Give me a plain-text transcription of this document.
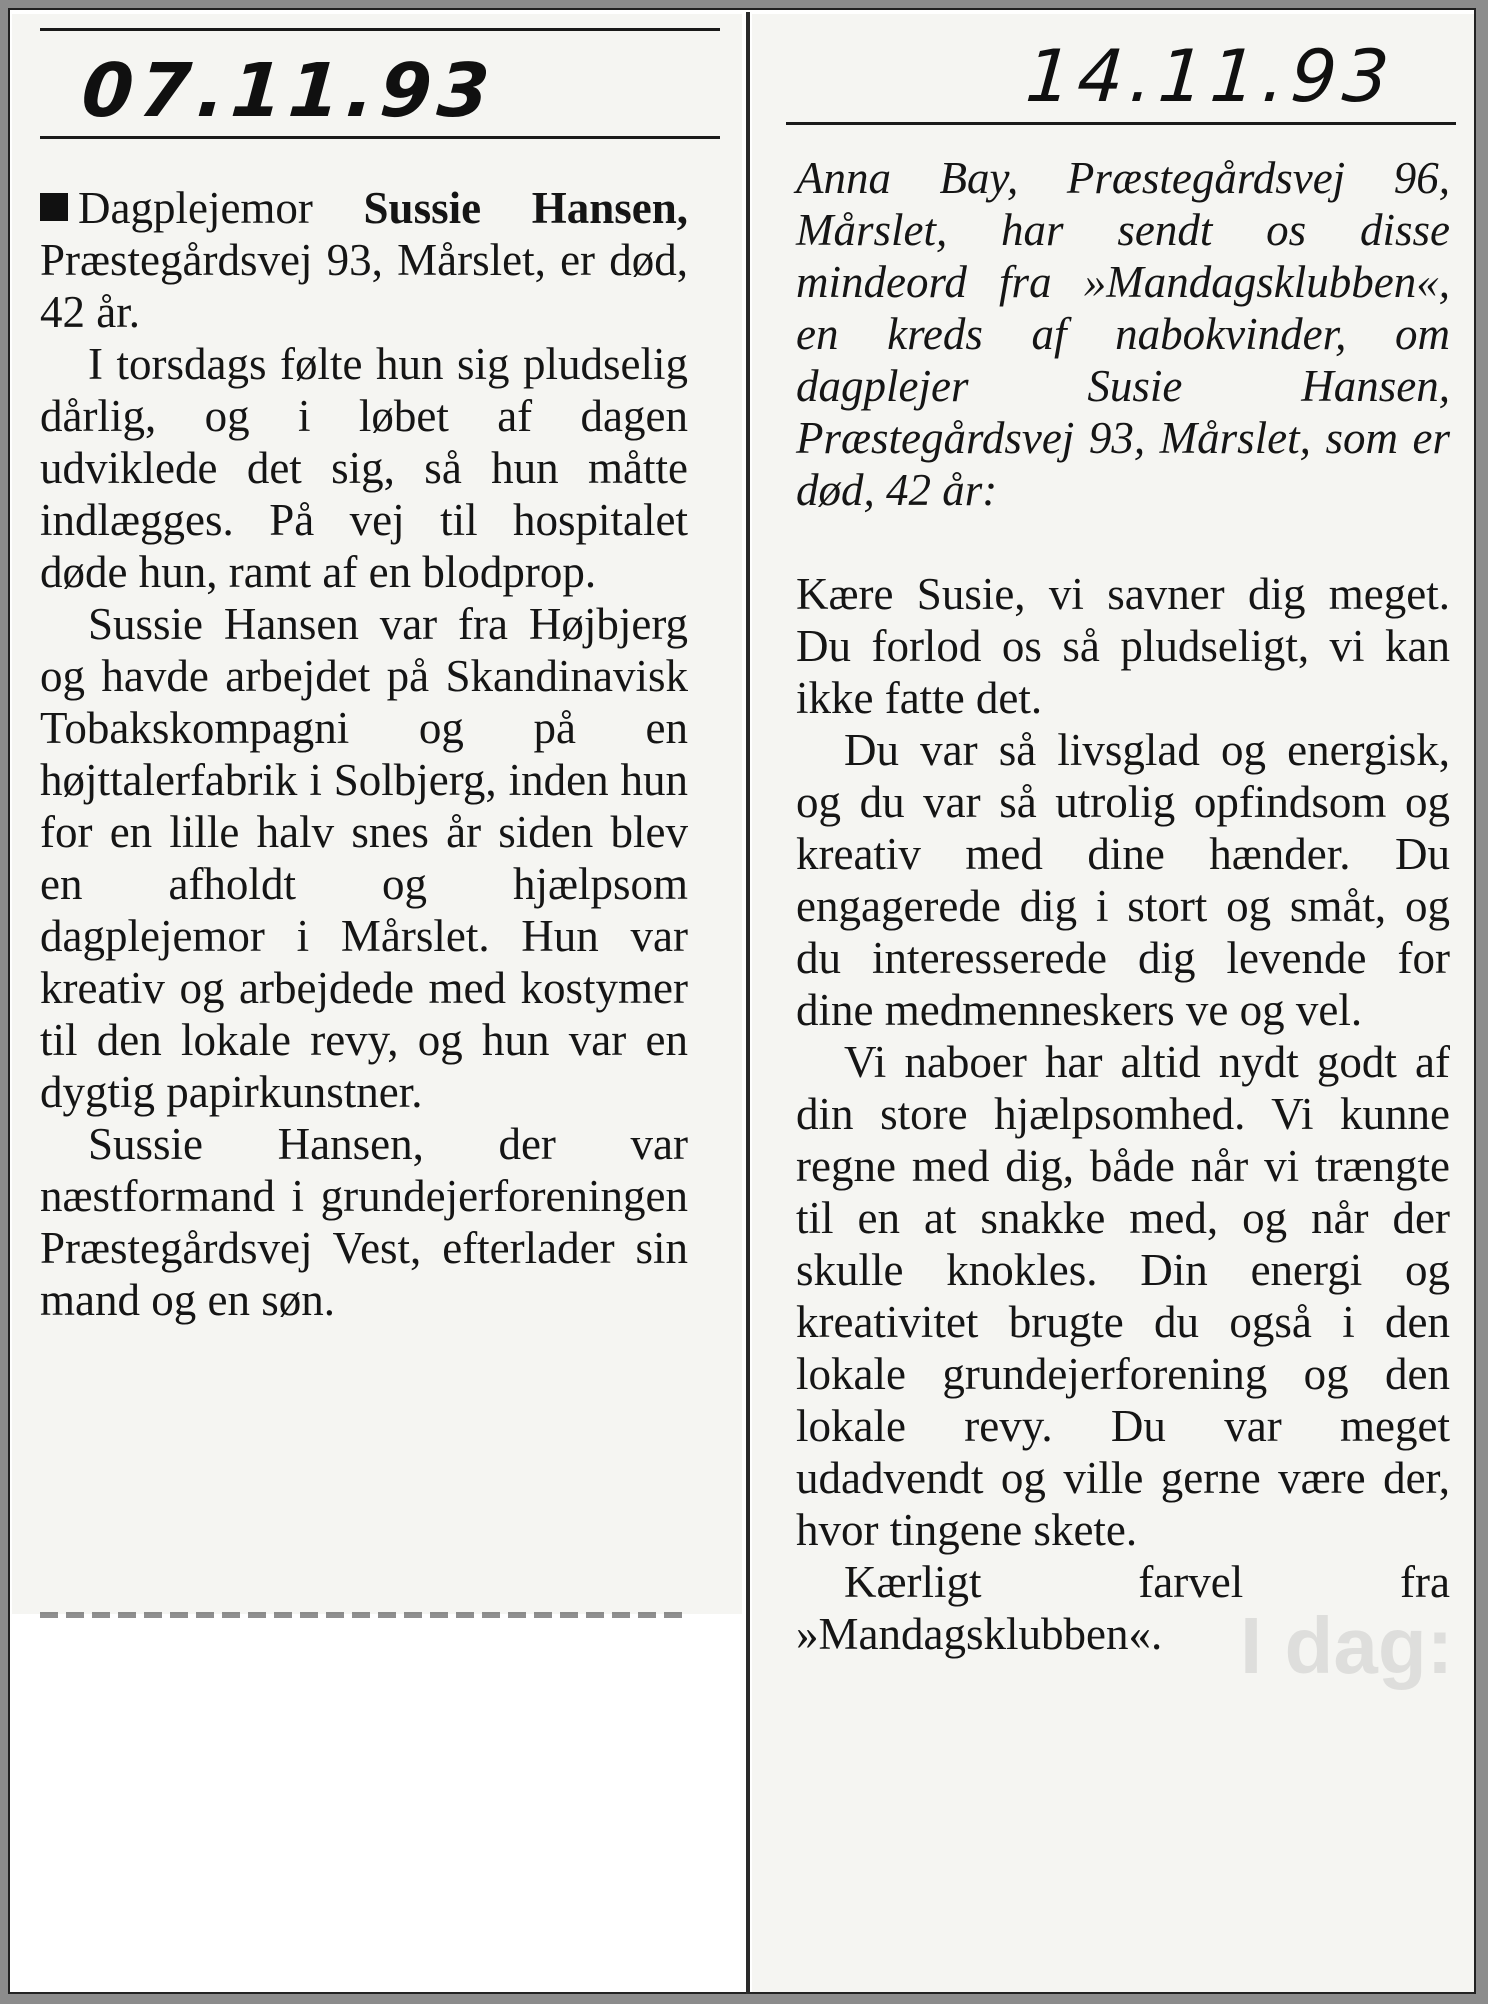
07.11.93	14.11.93
I dag:

Dagplejemor Sussie Hansen, Præstegårdsvej 93, Mårslet, er død, 42 år.

I torsdags følte hun sig pludselig dårlig, og i løbet af dagen udviklede det sig, så hun måtte indlægges. På vej til hospitalet døde hun, ramt af en blodprop.

Sussie Hansen var fra Højbjerg og havde arbejdet på Skandinavisk Tobakskompagni og på en højttalerfabrik i Solbjerg, inden hun for en lille halv snes år siden blev en afholdt og hjælpsom dagplejemor i Mårslet. Hun var kreativ og arbejdede med kostymer til den lokale revy, og hun var en dygtig papirkunstner.

Sussie Hansen, der var næstformand i grundejerforeningen Præstegårdsvej Vest, efterlader sin mand og en søn.

Anna Bay, Præstegårdsvej 96, Mårslet, har sendt os disse mindeord fra »Mandagsklubben«, en kreds af nabokvinder, om dagplejer Susie Hansen, Præstegårdsvej 93, Mårslet, som er død, 42 år:

Kære Susie, vi savner dig meget. Du forlod os så pludseligt, vi kan ikke fatte det.

Du var så livsglad og energisk, og du var så utrolig opfindsom og kreativ med dine hænder. Du engagerede dig i stort og småt, og du interesserede dig levende for dine medmenneskers ve og vel.

Vi naboer har altid nydt godt af din store hjælpsomhed. Vi kunne regne med dig, både når vi trængte til en at snakke med, og når der skulle knokles. Din energi og kreativitet brugte du også i den lokale grundejerforening og den lokale revy. Du var meget udadvendt og ville gerne være der, hvor tingene skete.

Kærligt farvel fra »Mandagsklubben«.
